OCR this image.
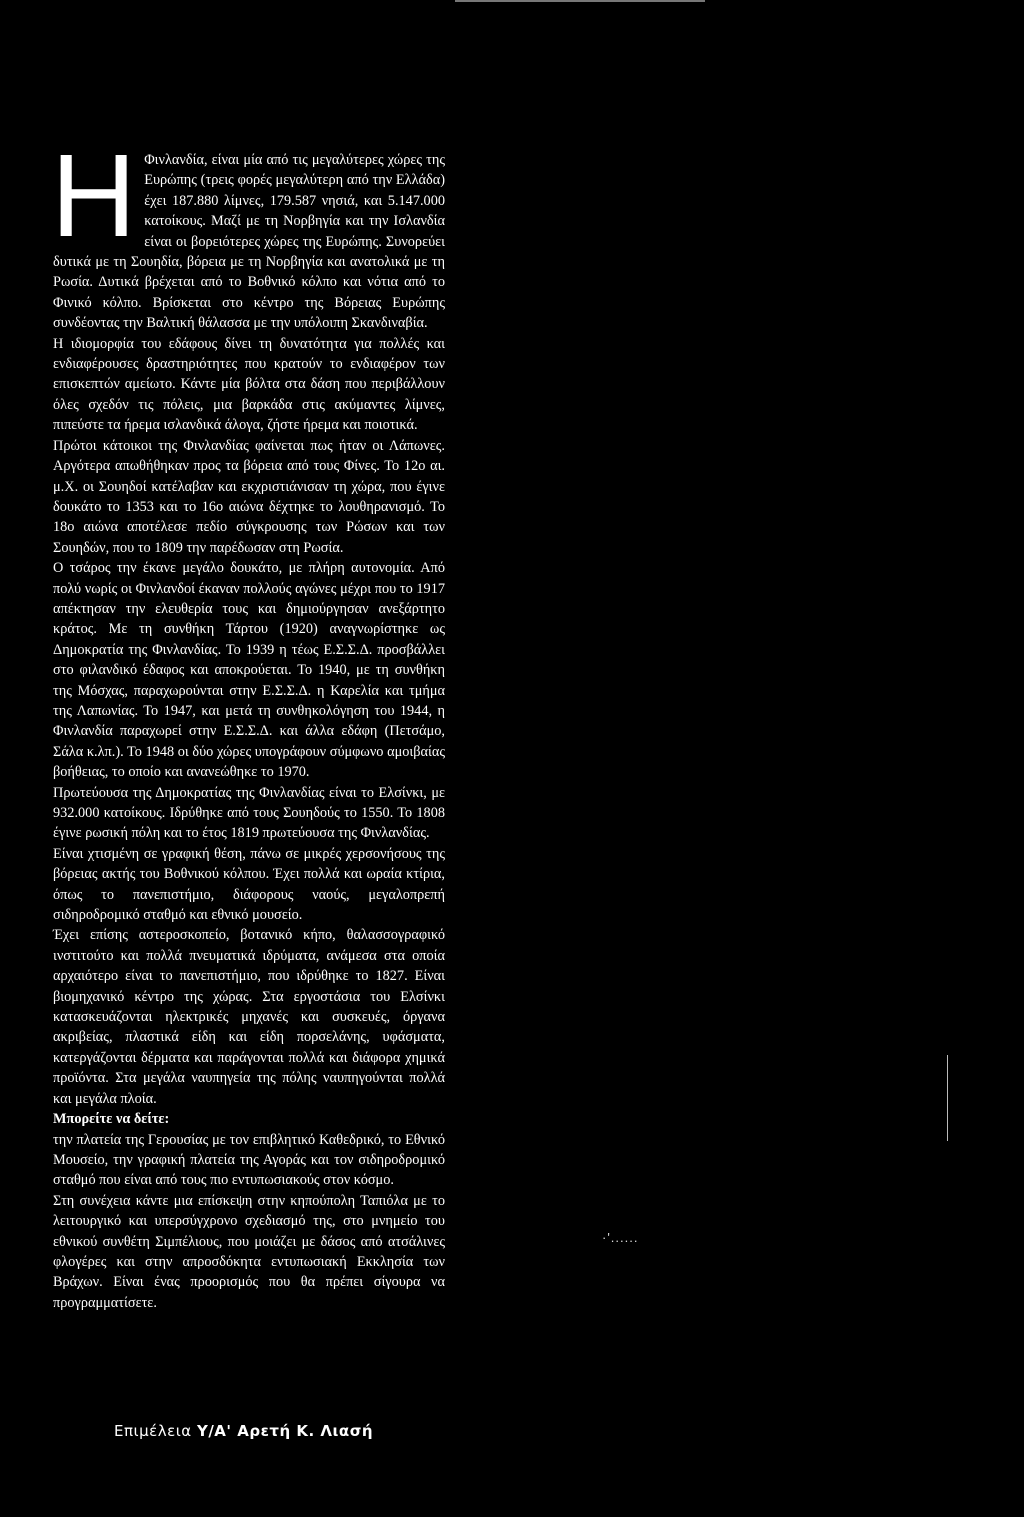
Η Φινλανδία, είναι μία από τις μεγαλύτερες χώρες της Ευρώπης (τρεις φορές μεγαλύτερη από την Ελλάδα) έχει 187.880 λίμνες, 179.587 νησιά, και 5.147.000 κατοίκους. Μαζί με τη Νορβηγία και την Ισλανδία είναι οι βορειότερες χώρες της Ευρώπης. Συνορεύει δυτικά με τη Σουηδία, βόρεια με τη Νορβηγία και ανατολικά με τη Ρωσία. Δυτικά βρέχεται από το Βοθνικό κόλπο και νότια από το Φινικό κόλπο. Βρίσκεται στο κέντρο της Βόρειας Ευρώπης συνδέοντας την Βαλτική θάλασσα με την υπόλοιπη Σκανδιναβία.

Η ιδιομορφία του εδάφους δίνει τη δυνατότητα για πολλές και ενδιαφέρουσες δραστηριότητες που κρατούν το ενδιαφέρον των επισκεπτών αμείωτο. Κάντε μία βόλτα στα δάση που περιβάλλουν όλες σχεδόν τις πόλεις, μια βαρκάδα στις ακύμαντες λίμνες, πιπεύστε τα ήρεμα ισλανδικά άλογα, ζήστε ήρεμα και ποιοτικά.

Πρώτοι κάτοικοι της Φινλανδίας φαίνεται πως ήταν οι Λάπωνες. Αργότερα απωθήθηκαν προς τα βόρεια από τους Φίνες. Το 12ο αι. μ.Χ. οι Σουηδοί κατέλαβαν και εκχριστιάνισαν τη χώρα, που έγινε δουκάτο το 1353 και το 16ο αιώνα δέχτηκε το λουθηρανισμό. Το 18ο αιώνα αποτέλεσε πεδίο σύγκρουσης των Ρώσων και των Σουηδών, που το 1809 την παρέδωσαν στη Ρωσία.

Ο τσάρος την έκανε μεγάλο δουκάτο, με πλήρη αυτονομία. Από πολύ νωρίς οι Φινλανδοί έκαναν πολλούς αγώνες μέχρι που το 1917 απέκτησαν την ελευθερία τους και δημιούργησαν ανεξάρτητο κράτος. Με τη συνθήκη Τάρτου (1920) αναγνωρίστηκε ως Δημοκρατία της Φινλανδίας. Το 1939 η τέως Ε.Σ.Σ.Δ. προσβάλλει στο φιλανδικό έδαφος και αποκρούεται. Το 1940, με τη συνθήκη της Μόσχας, παραχωρούνται στην Ε.Σ.Σ.Δ. η Καρελία και τμήμα της Λαπωνίας. Το 1947, και μετά τη συνθηκολόγηση του 1944, η Φινλανδία παραχωρεί στην Ε.Σ.Σ.Δ. και άλλα εδάφη (Πετσάμο, Σάλα κ.λπ.). Το 1948 οι δύο χώρες υπογράφουν σύμφωνο αμοιβαίας βοήθειας, το οποίο και ανανεώθηκε το 1970.

Πρωτεύουσα της Δημοκρατίας της Φινλανδίας είναι το Ελσίνκι, με 932.000 κατοίκους. Ιδρύθηκε από τους Σουηδούς το 1550. Το 1808 έγινε ρωσική πόλη και το έτος 1819 πρωτεύουσα της Φινλανδίας.

Είναι χτισμένη σε γραφική θέση, πάνω σε μικρές χερσονήσους της βόρειας ακτής του Βοθνικού κόλπου. Έχει πολλά και ωραία κτίρια, όπως το πανεπιστήμιο, διάφορους ναούς, μεγαλοπρεπή σιδηροδρομικό σταθμό και εθνικό μουσείο.

Έχει επίσης αστεροσκοπείο, βοτανικό κήπο, θαλασσογραφικό ινστιτούτο και πολλά πνευματικά ιδρύματα, ανάμεσα στα οποία αρχαιότερο είναι το πανεπιστήμιο, που ιδρύθηκε το 1827. Είναι βιομηχανικό κέντρο της χώρας. Στα εργοστάσια του Ελσίνκι κατασκευάζονται ηλεκτρικές μηχανές και συσκευές, όργανα ακριβείας, πλαστικά είδη και είδη πορσελάνης, υφάσματα, κατεργάζονται δέρματα και παράγονται πολλά και διάφορα χημικά προϊόντα. Στα μεγάλα ναυπηγεία της πόλης ναυπηγούνται πολλά και μεγάλα πλοία.

Μπορείτε να δείτε:

την πλατεία της Γερουσίας με τον επιβλητικό Καθεδρικό, το Εθνικό Μουσείο, την γραφική πλατεία της Αγοράς και τον σιδηροδρομικό σταθμό που είναι από τους πιο εντυπωσιακούς στον κόσμο.

Στη συνέχεια κάντε μια επίσκεψη στην κηπούπολη Ταπιόλα με το λειτουργικό και υπερσύγχρονο σχεδιασμό της, στο μνημείο του εθνικού συνθέτη Σιμπέλιους, που μοιάζει με δάσος από ατσάλινες φλογέρες και στην απροσδόκητα εντυπωσιακή Εκκλησία των Βράχων. Είναι ένας προορισμός που θα πρέπει σίγουρα να προγραμματίσετε.

·'......
Επιμέλεια Υ/Α' Αρετή Κ. Λιασή
